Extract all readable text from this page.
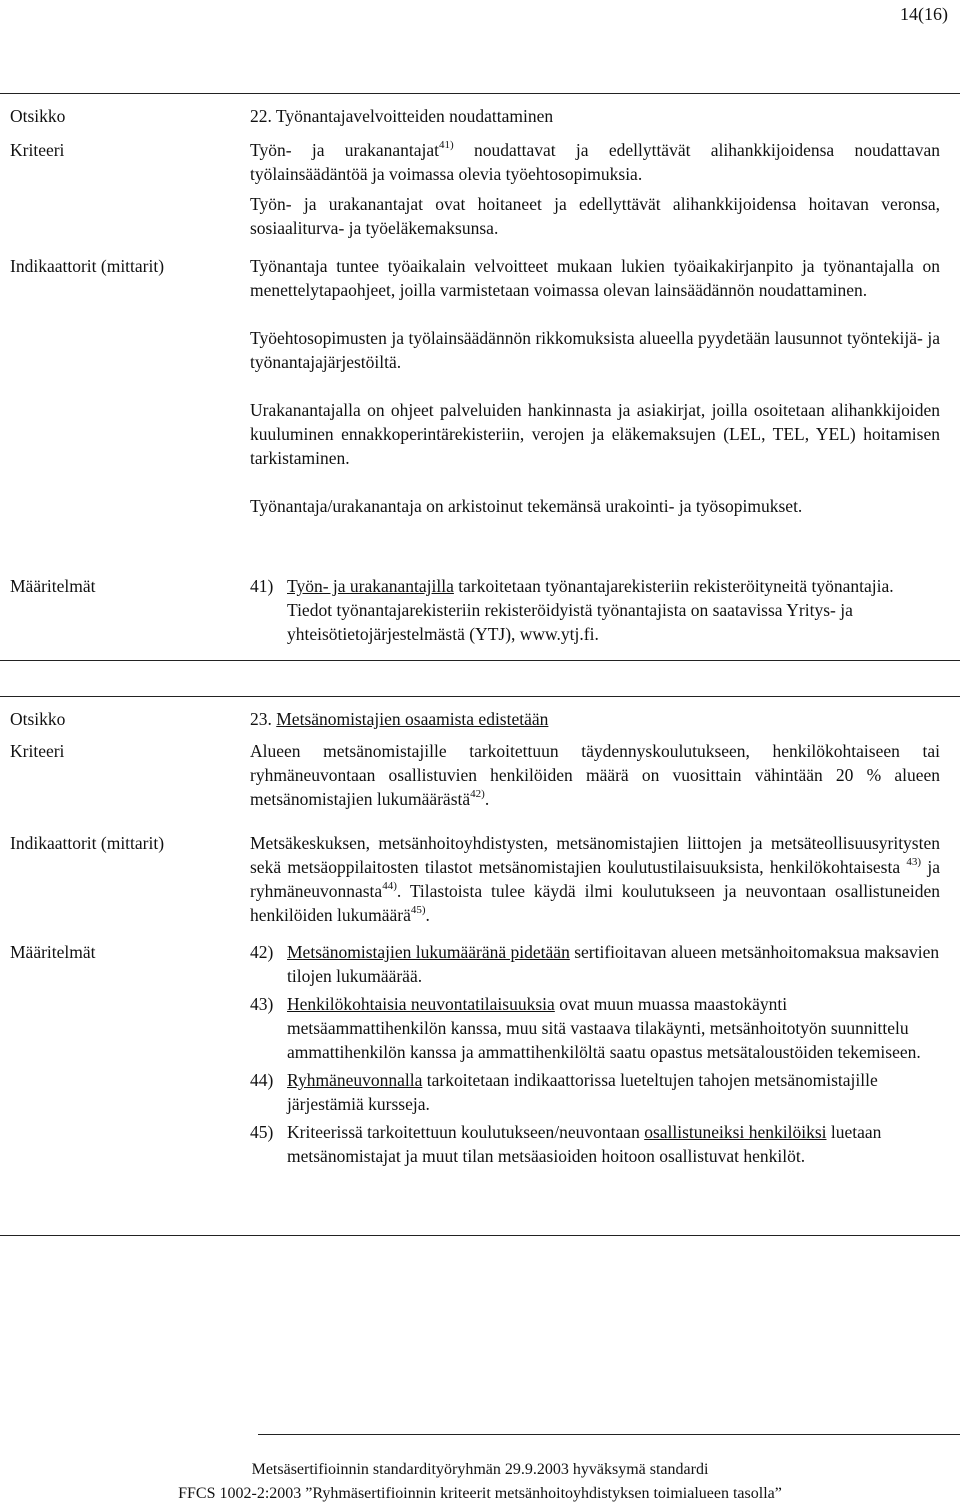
14(16)
Otsikko	22. Työnantajavelvoitteiden noudattaminen
Kriteeri	Työn- ja urakanantajat$^{41)}$ noudattavat ja edellyttävät alihankkijoidensa noudattavan työlainsäädäntöä ja voimassa olevia työehtosopimuksia.

Työn- ja urakanantajat ovat hoitaneet ja edellyttävät alihankkijoidensa hoitavan veronsa, sosiaaliturva- ja työeläkemaksunsa.

Indikaattorit (mittarit)	Työnantaja tuntee työaikalain velvoitteet mukaan lukien työaikakirjanpito ja työnantajalla on menettelytapaohjeet, joilla varmistetaan voimassa olevan lainsäädännön noudattaminen.

Työehtosopimusten ja työlainsäädännön rikkomuksista alueella pyydetään lausunnot työntekijä- ja työnantajajärjestöiltä.

Urakanantajalla on ohjeet palveluiden hankinnasta ja asiakirjat, joilla osoitetaan alihankkijoiden kuuluminen ennakkoperintärekisteriin, verojen ja eläkemaksujen (LEL, TEL, YEL) hoitamisen tarkistaminen.

Työnantaja/urakanantaja on arkistoinut tekemänsä urakointi- ja työsopimukset.

Määritelmät	41) Työn- ja urakanantajilla tarkoitetaan työnantajarekisteriin rekisteröityneitä työnantajia. Tiedot työnantajarekisteriin rekisteröidyistä työnantajista on saatavissa Yritys- ja yhteisötietojärjestelmästä (YTJ), www.ytj.fi.
Otsikko	23. Metsänomistajien osaamista edistetään
Kriteeri	Alueen metsänomistajille tarkoitettuun täydennyskoulutukseen, henkilökohtaiseen tai ryhmäneuvontaan osallistuvien henkilöiden määrä on vuosittain vähintään 20 % alueen metsänomistajien lukumäärästä$^{42)}$.

Indikaattorit (mittarit)	Metsäkeskuksen, metsänhoitoyhdistysten, metsänomistajien liittojen ja metsäteollisuusyritysten sekä metsäoppilaitosten tilastot metsänomistajien koulutustilaisuuksista, henkilökohtaisesta $^{43)}$ ja ryhmäneuvonnasta$^{44)}$. Tilastoista tulee käydä ilmi koulutukseen ja neuvontaan osallistuneiden henkilöiden lukumäärä$^{45)}$.

Määritelmät	42) Metsänomistajien lukumääränä pidetään sertifioitavan alueen metsänhoitomaksua maksavien tilojen lukumäärää.
43) Henkilökohtaisia neuvontatilaisuuksia ovat muun muassa maastokäynti metsäammattihenkilön kanssa, muu sitä vastaava tilakäynti, metsänhoitotyön suunnittelu ammattihenkilön kanssa ja ammattihenkilöltä saatu opastus metsätaloustöiden tekemiseen.
44) Ryhmäneuvonnalla tarkoitetaan indikaattorissa lueteltujen tahojen metsänomistajille järjestämiä kursseja.
45) Kriteerissä tarkoitettuun koulutukseen/neuvontaan osallistuneiksi henkilöiksi luetaan metsänomistajat ja muut tilan metsäasioiden hoitoon osallistuvat henkilöt.
Metsäsertifioinnin standardityöryhmän 29.9.2003 hyväksymä standardi
FFCS 1002-2:2003 ”Ryhmäsertifioinnin kriteerit metsänhoitoyhdistyksen toimialueen tasolla”
